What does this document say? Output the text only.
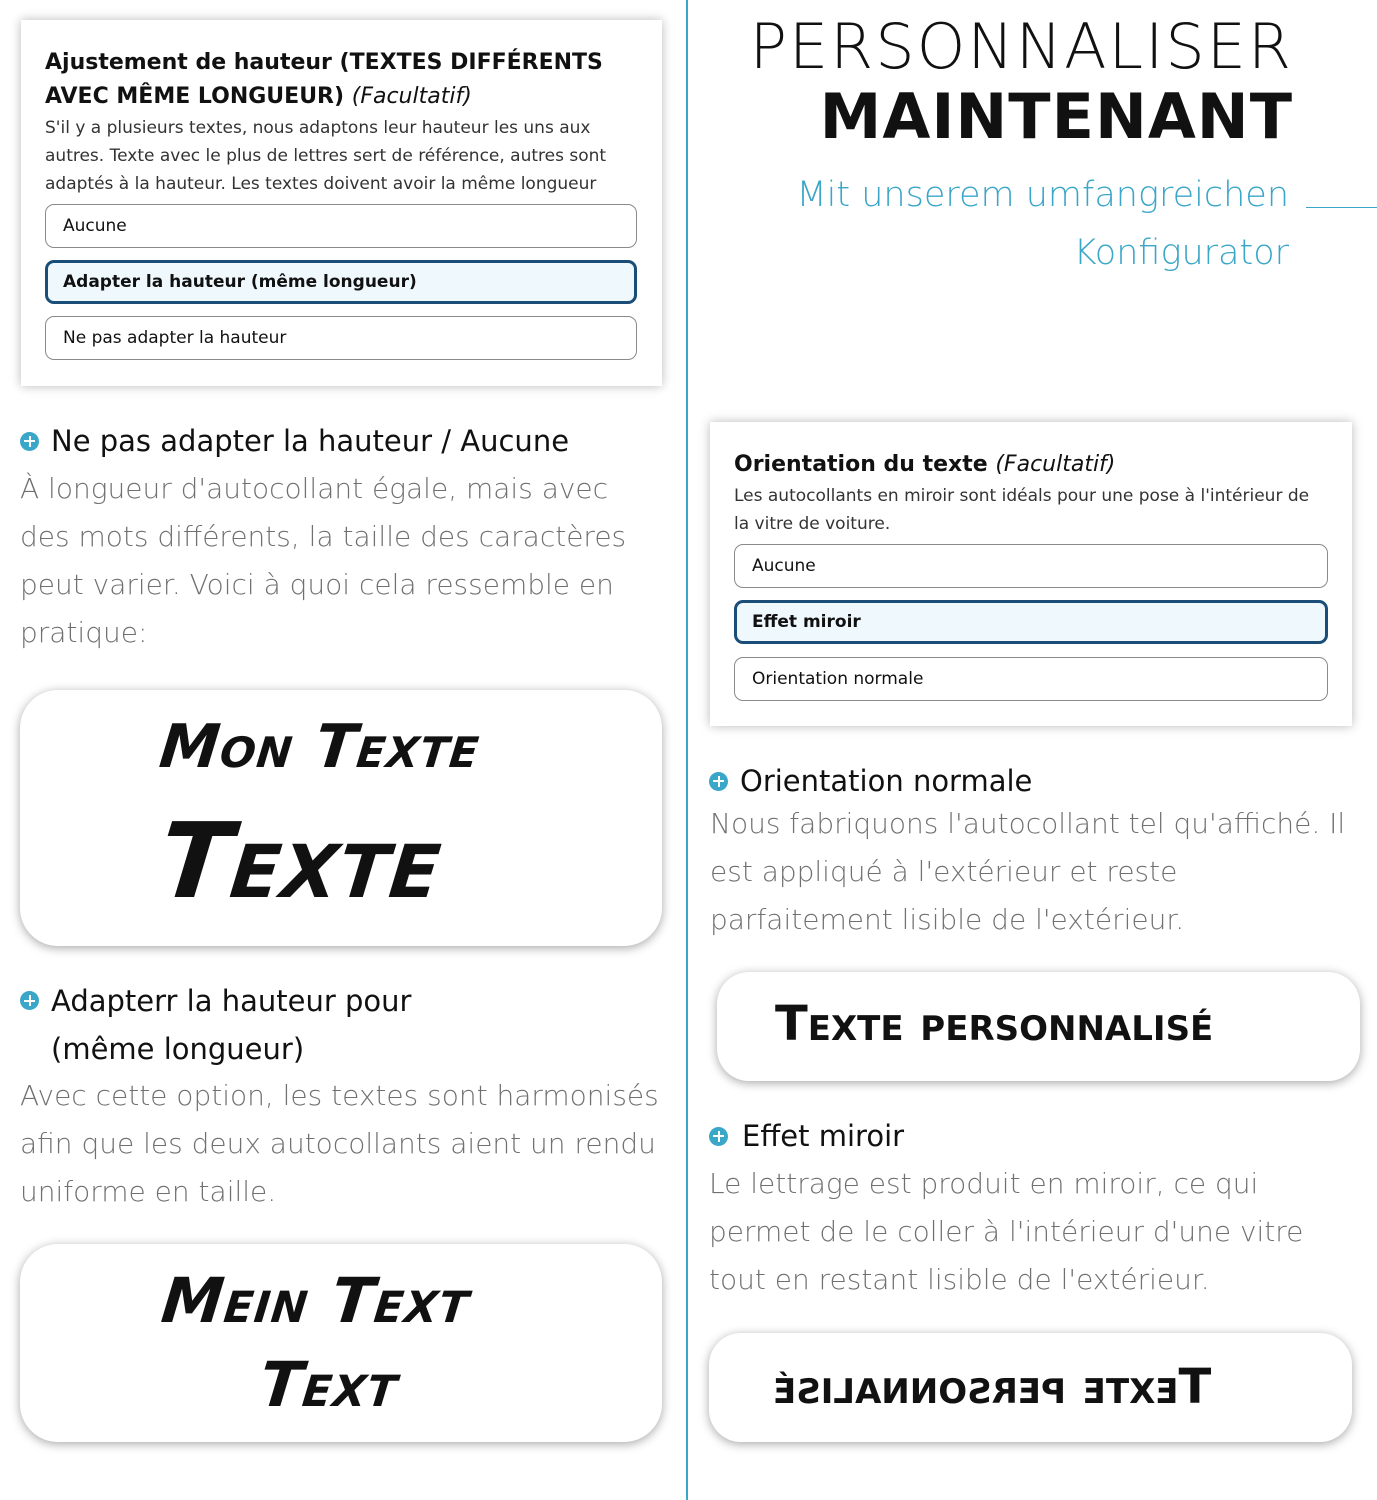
Ajustement de hauteur (TEXTES DIFFÉRENTS AVEC MÊME LONGUEUR) (Facultatif)
S'il y a plusieurs textes, nous adaptons leur hauteur les uns aux autres. Texte avec le plus de lettres sert de référence, autres sont adaptés à la hauteur. Les textes doivent avoir la même longueur
Aucune
Adapter la hauteur (même longueur)
Ne pas adapter la hauteur
PERSONNALISER
MAINTENANT
Mit unserem umfangreichen
Konfigurator
Orientation du texte (Facultatif)
Les autocollants en miroir sont idéals pour une pose à l'intérieur de la vitre de voiture.
Aucune
Effet miroir
Orientation normale
Ne pas adapter la hauteur / Aucune
À longueur d'autocollant égale, mais avec des mots différents, la taille des caractères peut varier. Voici à quoi cela ressemble en pratique:
Mon Texte
Texte
Adapterr la hauteur pour (même longueur)
Avec cette option, les textes sont harmonisés afin que les deux autocollants aient un rendu uniforme en taille.
Mein Text
Text
Orientation normale
Nous fabriquons l'autocollant tel qu'affiché. Il est appliqué à l'extérieur et reste parfaitement lisible de l'extérieur.
Texte personnalisé
Effet miroir
Le lettrage est produit en miroir, ce qui permet de le coller à l'intérieur d'une vitre tout en restant lisible de l'extérieur.
Texte personnalisé
